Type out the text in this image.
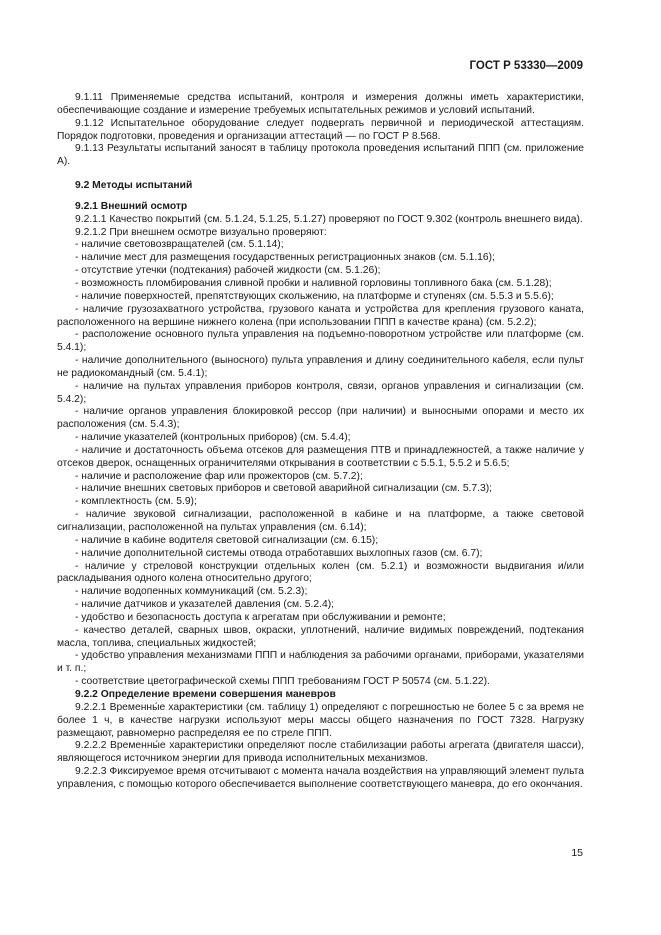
ГОСТ Р 53330—2009

9.1.11 Применяемые средства испытаний, контроля и измерения должны иметь характеристики, обеспечивающие создание и измерение требуемых испытательных режимов и условий испытаний.

9.1.12 Испытательное оборудование следует подвергать первичной и периодической аттестациям. Порядок подготовки, проведения и организации аттестаций — по ГОСТ Р 8.568.

9.1.13 Результаты испытаний заносят в таблицу протокола проведения испытаний ППП (см. приложение А).

9.2 Методы испытаний

9.2.1 Внешний осмотр

9.2.1.1 Качество покрытий (см. 5.1.24, 5.1.25, 5.1.27) проверяют по ГОСТ 9.302 (контроль внешнего вида).

9.2.1.2 При внешнем осмотре визуально проверяют:

- наличие световозвращателей (см. 5.1.14);

- наличие мест для размещения государственных регистрационных знаков (см. 5.1.16);

- отсутствие утечки (подтекания) рабочей жидкости (см. 5.1.26);

- возможность пломбирования сливной пробки и наливной горловины топливного бака (см. 5.1.28);

- наличие поверхностей, препятствующих скольжению, на платформе и ступенях (см. 5.5.3 и 5.5.6);

- наличие грузозахватного устройства, грузового каната и устройства для крепления грузового каната, расположенного на вершине нижнего колена (при использовании ППП в качестве крана) (см. 5.2.2);

- расположение основного пульта управления на подъемно-поворотном устройстве или платформе (см. 5.4.1);

- наличие дополнительного (выносного) пульта управления и длину соединительного кабеля, если пульт не радиокомандный (см. 5.4.1);

- наличие на пультах управления приборов контроля, связи, органов управления и сигнализации (см. 5.4.2);

- наличие органов управления блокировкой рессор (при наличии) и выносными опорами и место их расположения (см. 5.4.3);

- наличие указателей (контрольных приборов) (см. 5.4.4);

- наличие и достаточность объема отсеков для размещения ПТВ и принадлежностей, а также наличие у отсеков дверок, оснащенных ограничителями открывания в соответствии с 5.5.1, 5.5.2 и 5.6.5;

- наличие и расположение фар или прожекторов (см. 5.7.2);

- наличие внешних световых приборов и световой аварийной сигнализации (см. 5.7.3);

- комплектность (см. 5.9);

- наличие звуковой сигнализации, расположенной в кабине и на платформе, а также световой сигнализации, расположенной на пультах управления (см. 6.14);

- наличие в кабине водителя световой сигнализации (см. 6.15);

- наличие дополнительной системы отвода отработавших выхлопных газов (см. 6.7);

- наличие у стреловой конструкции отдельных колен (см. 5.2.1) и возможности выдвигания и/или раскладывания одного колена относительно другого;

- наличие водопенных коммуникаций (см. 5.2.3);

- наличие датчиков и указателей давления (см. 5.2.4);

- удобство и безопасность доступа к агрегатам при обслуживании и ремонте;

- качество деталей, сварных швов, окраски, уплотнений, наличие видимых повреждений, подтекания масла, топлива, специальных жидкостей;

- удобство управления механизмами ППП и наблюдения за рабочими органами, приборами, указателями и т. п.;

- соответствие цветографической схемы ППП требованиям ГОСТ Р 50574 (см. 5.1.22).

9.2.2 Определение времени совершения маневров

9.2.2.1 Временны́е характеристики (см. таблицу 1) определяют с погрешностью не более 5 с за время не более 1 ч, в качестве нагрузки используют меры массы общего назначения по ГОСТ 7328. Нагрузку размещают, равномерно распределяя ее по стреле ППП.

9.2.2.2 Временны́е характеристики определяют после стабилизации работы агрегата (двигателя шасси), являющегося источником энергии для привода исполнительных механизмов.

9.2.2.3 Фиксируемое время отсчитывают с момента начала воздействия на управляющий элемент пульта управления, с помощью которого обеспечивается выполнение соответствующего маневра, до его окончания.

15
